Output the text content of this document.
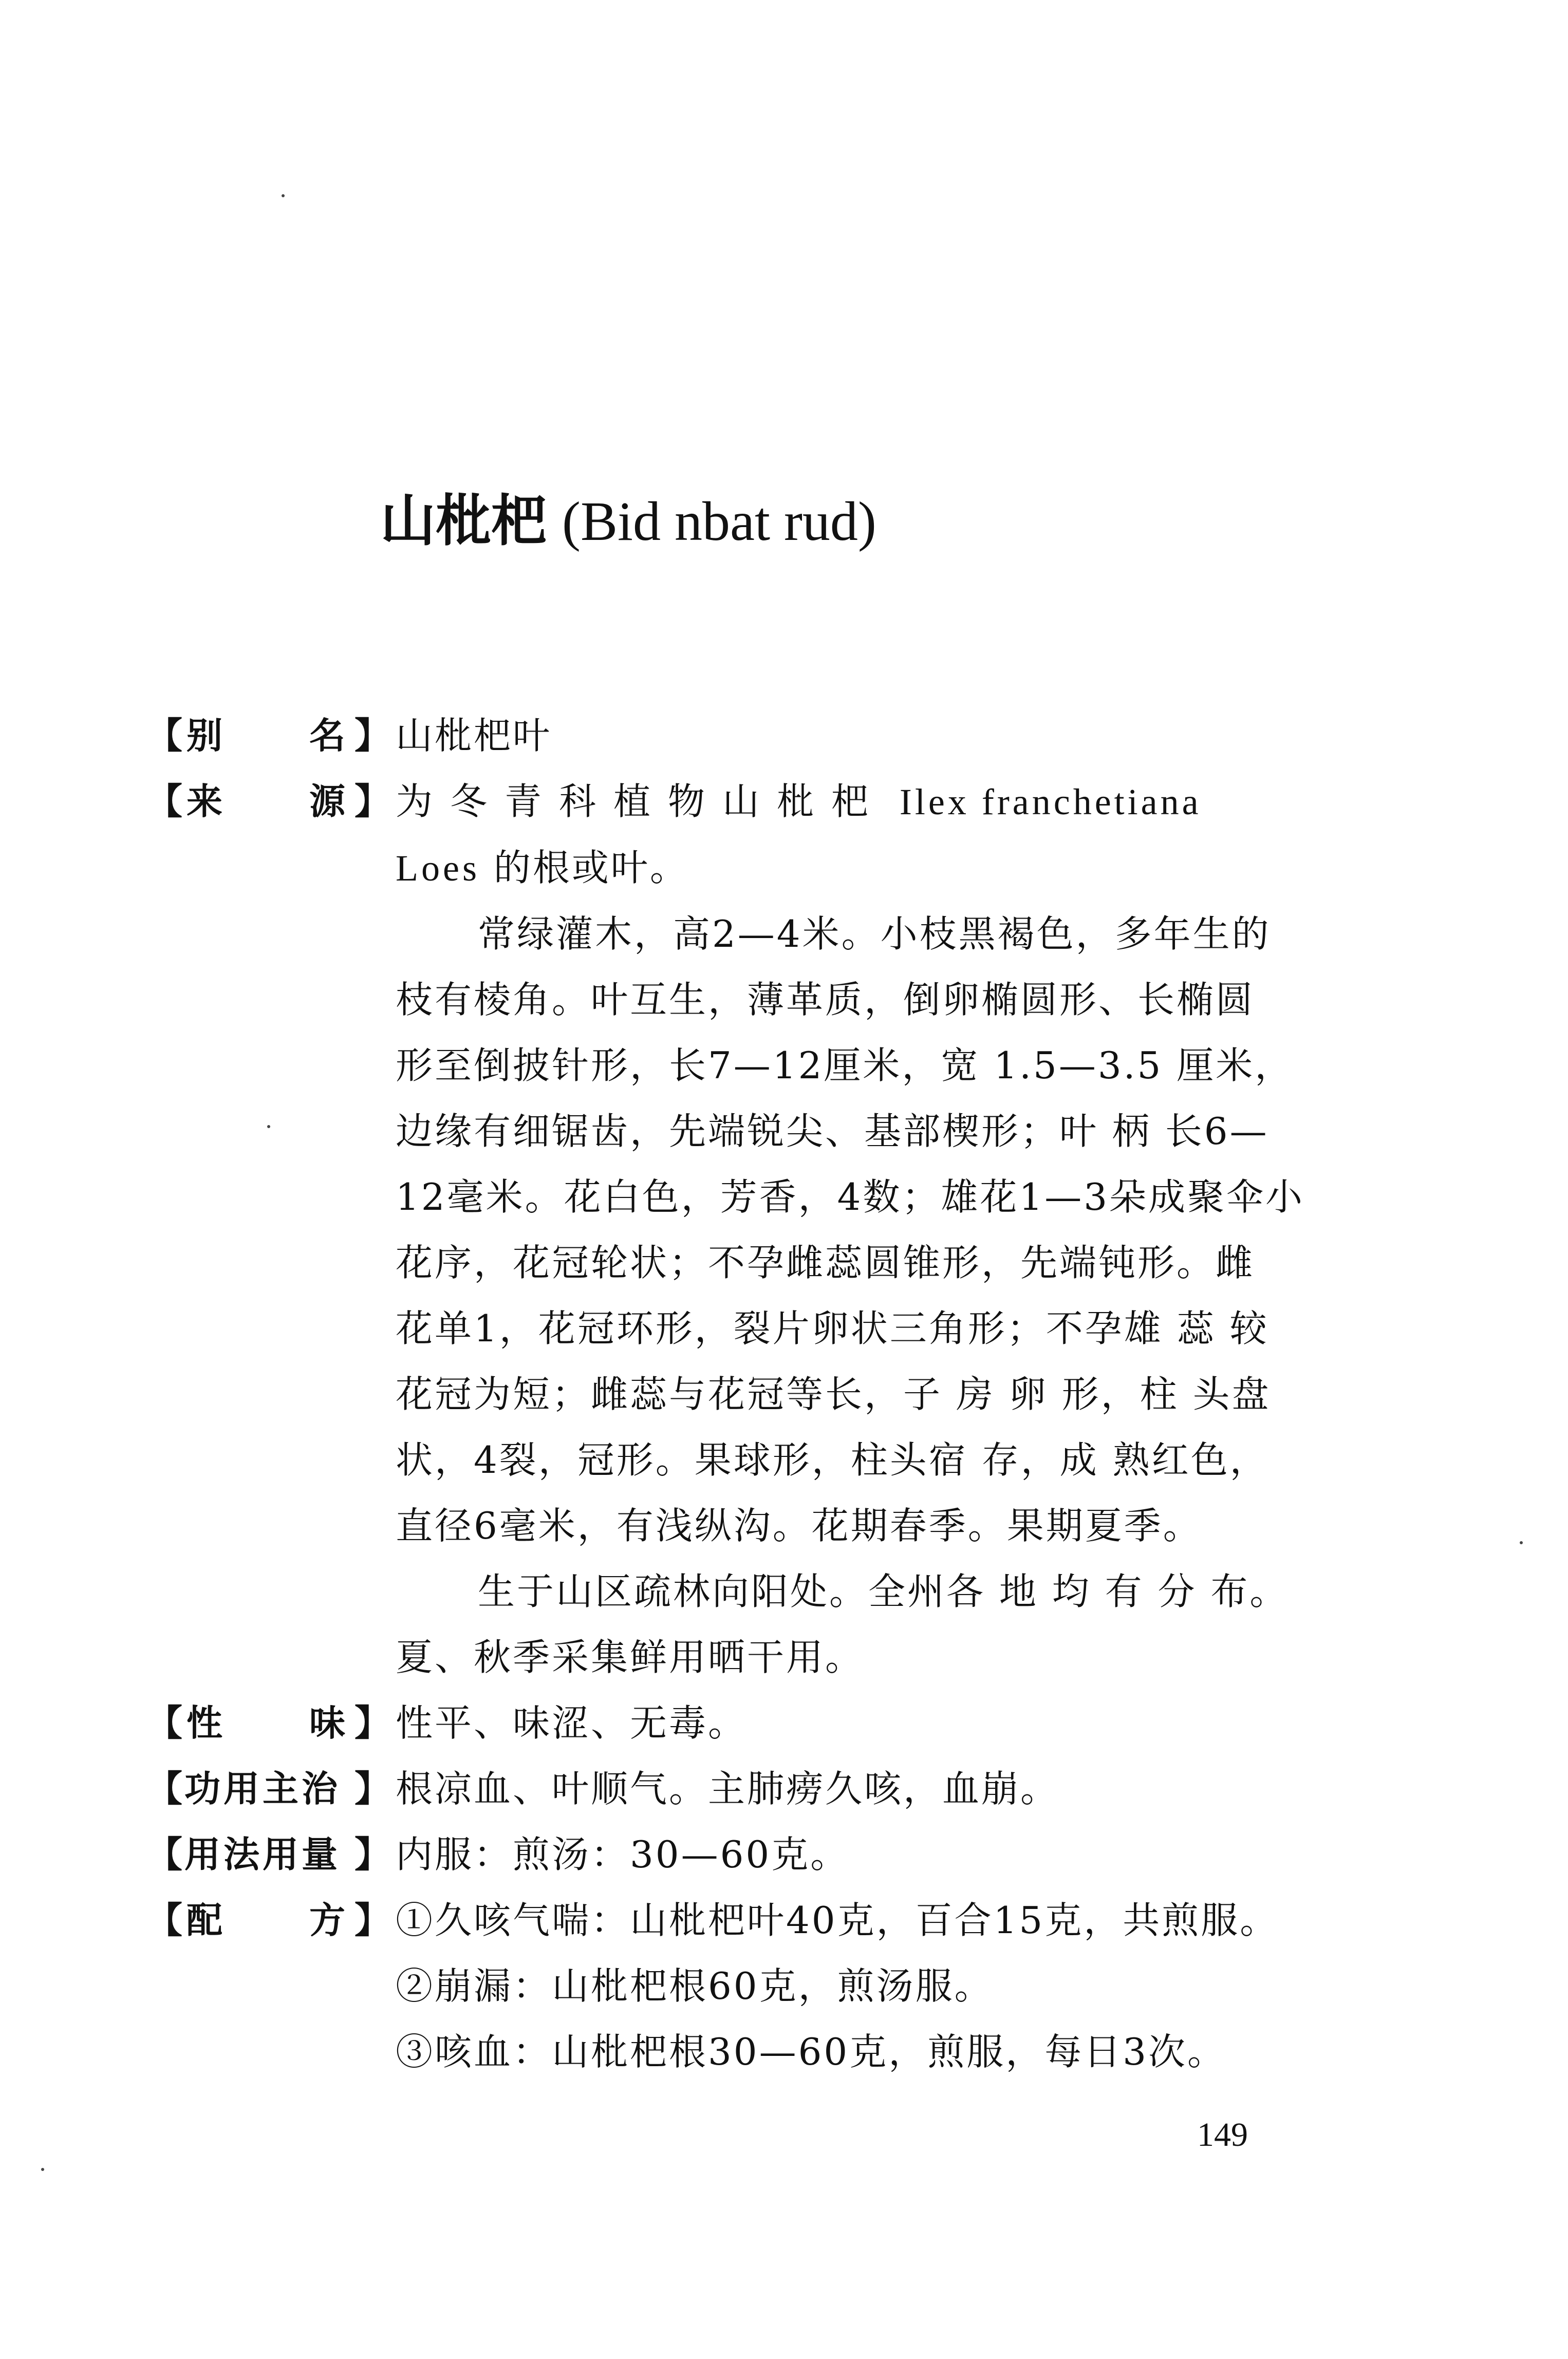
山枇杷 (Bid nbat rud)
【 别 名 】 山枇杷叶
【 来 源 】 为冬青科植物山枇杷 Ilex franchetiana
Loes 的根或叶。
常绿灌木，高2—4米。小枝黑褐色，多年生的
枝有棱角。叶互生，薄革质，倒卵椭圆形、长椭圆
形至倒披针形，长7—12厘米，宽 1.5—3.5 厘米，
边缘有细锯齿，先端锐尖、基部楔形；叶 柄 长6—
12毫米。花白色，芳香，4数；雄花1—3朵成聚伞小
花序，花冠轮状；不孕雌蕊圆锥形，先端钝形。雌
花单1，花冠环形，裂片卵状三角形；不孕雄 蕊 较
花冠为短；雌蕊与花冠等长，子 房 卵 形，柱 头盘
状，4裂，冠形。果球形，柱头宿 存，成 熟红色，
直径6毫米，有浅纵沟。花期春季。果期夏季。
生于山区疏林向阳处。全州各 地 均 有 分 布。
夏、秋季采集鲜用晒干用。
【 性 味 】 性平、味涩、无毒。
【 功用主治 】 根凉血、叶顺气。主肺痨久咳，血崩。
【 用法用量 】 内服：煎汤：30—60克。
【 配 方 】 ①久咳气喘：山枇杷叶40克，百合15克，共煎服。
②崩漏：山枇杷根60克，煎汤服。
③咳血：山枇杷根30—60克，煎服，每日3次。
149
